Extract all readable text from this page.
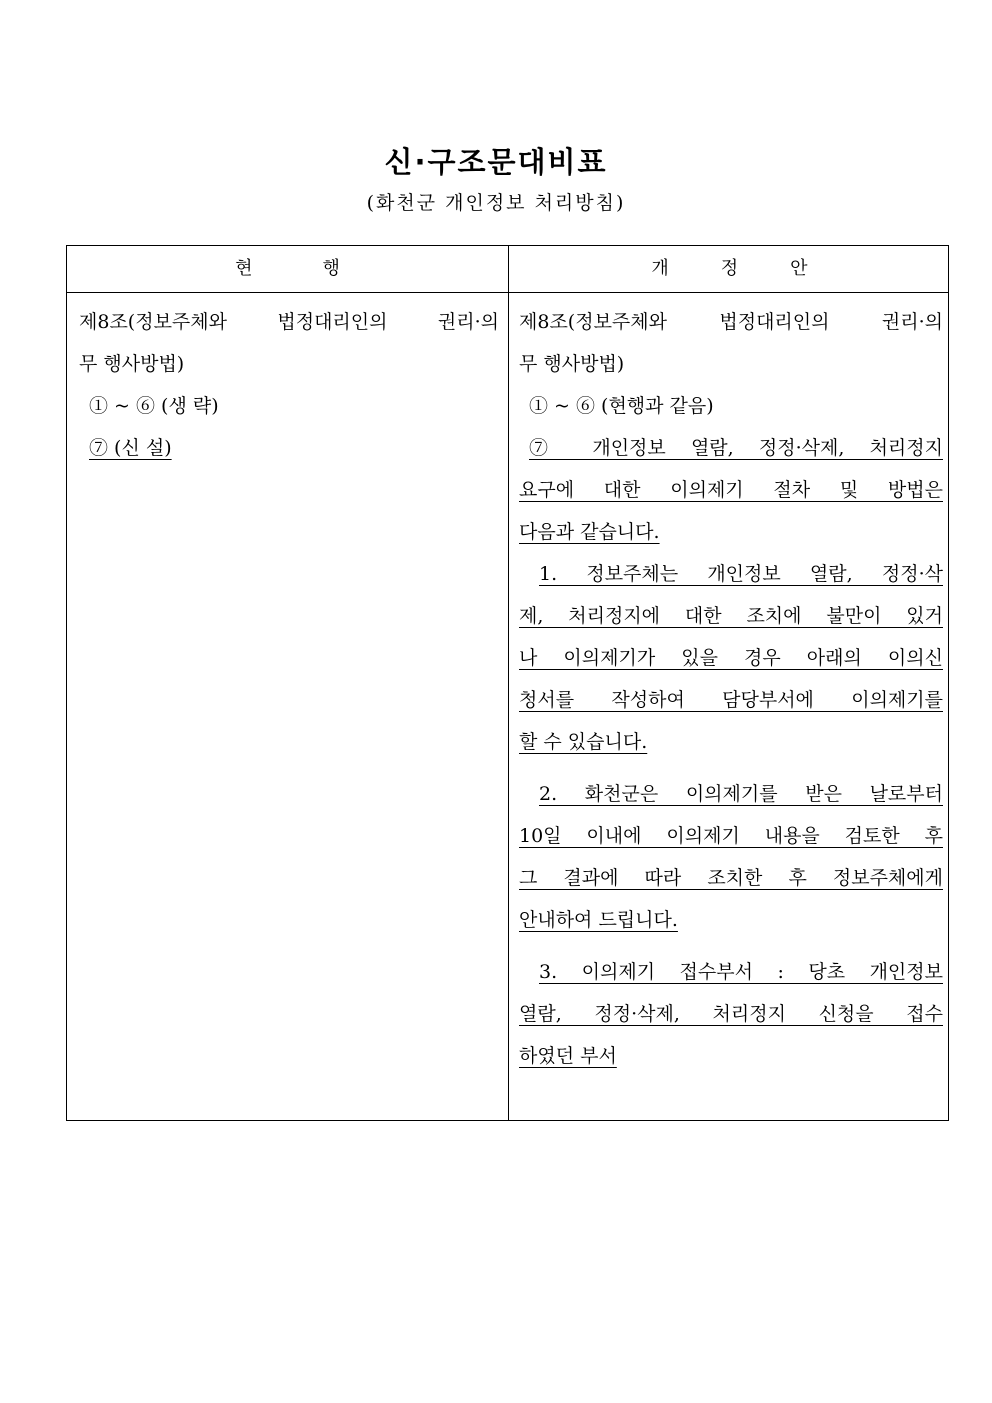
신·구조문대비표
(화천군 개인정보 처리방침)
현행	개정안
제8조(정보주체와 법정대리인의 권리·의
무 행사방법)
① ~ ⑥ (생 략)
⑦ (신 설)
제8조(정보주체와 법정대리인의 권리·의
무 행사방법)
① ~ ⑥ (현행과 같음)
⑦ 개인정보 열람, 정정·삭제, 처리정지
요구에 대한 이의제기 절차 및 방법은
다음과 같습니다.
1. 정보주체는 개인정보 열람, 정정·삭
제, 처리정지에 대한 조치에 불만이 있거
나 이의제기가 있을 경우 아래의 이의신
청서를 작성하여 담당부서에 이의제기를
할 수 있습니다.
2. 화천군은 이의제기를 받은 날로부터
10일 이내에 이의제기 내용을 검토한 후
그 결과에 따라 조치한 후 정보주체에게
안내하여 드립니다.
3. 이의제기 접수부서 : 당초 개인정보
열람, 정정·삭제, 처리정지 신청을 접수
하였던 부서
